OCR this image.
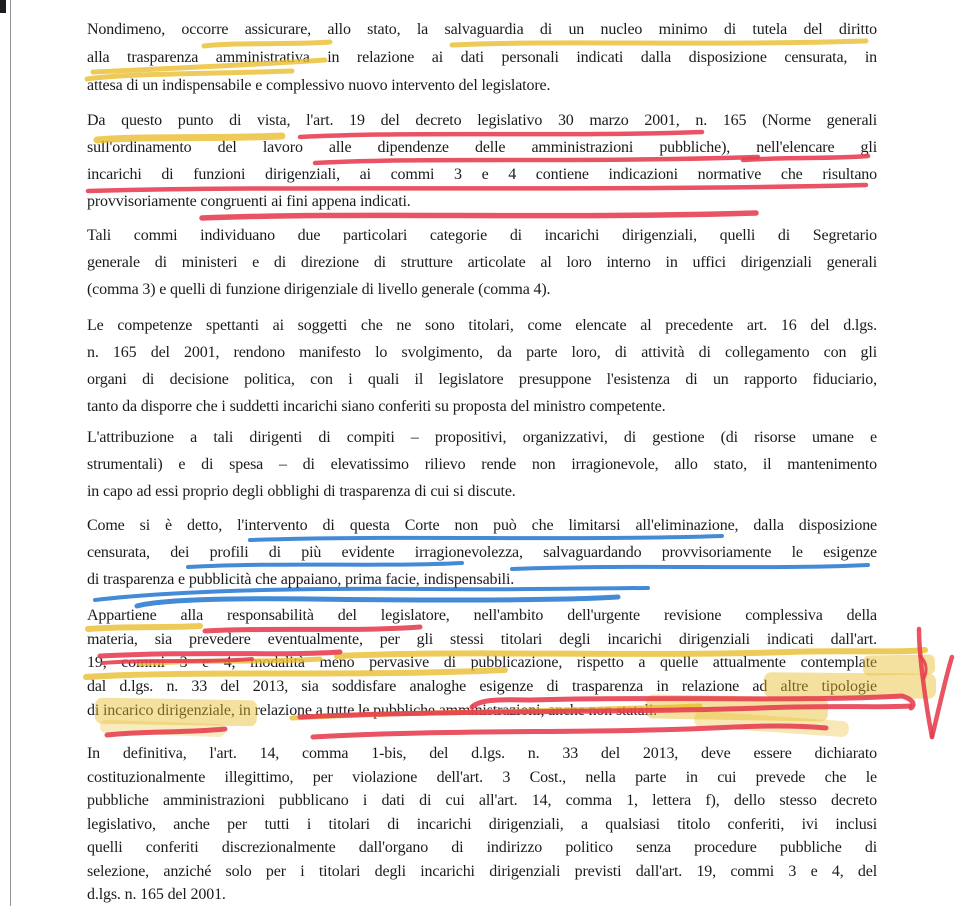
Nondimeno, occorre assicurare, allo stato, la salvaguardia di un nucleo minimo di tutela del diritto
alla trasparenza amministrativa in relazione ai dati personali indicati dalla disposizione censurata, in
attesa di un indispensabile e complessivo nuovo intervento del legislatore.
Da questo punto di vista, l'art. 19 del decreto legislativo 30 marzo 2001, n. 165 (Norme generali
sull'ordinamento del lavoro alle dipendenze delle amministrazioni pubbliche), nell'elencare gli
incarichi di funzioni dirigenziali, ai commi 3 e 4 contiene indicazioni normative che risultano
provvisoriamente congruenti ai fini appena indicati.
Tali commi individuano due particolari categorie di incarichi dirigenziali, quelli di Segretario
generale di ministeri e di direzione di strutture articolate al loro interno in uffici dirigenziali generali
(comma 3) e quelli di funzione dirigenziale di livello generale (comma 4).
Le competenze spettanti ai soggetti che ne sono titolari, come elencate al precedente art. 16 del d.lgs.
n. 165 del 2001, rendono manifesto lo svolgimento, da parte loro, di attività di collegamento con gli
organi di decisione politica, con i quali il legislatore presuppone l'esistenza di un rapporto fiduciario,
tanto da disporre che i suddetti incarichi siano conferiti su proposta del ministro competente.
L'attribuzione a tali dirigenti di compiti – propositivi, organizzativi, di gestione (di risorse umane e
strumentali) e di spesa – di elevatissimo rilievo rende non irragionevole, allo stato, il mantenimento
in capo ad essi proprio degli obblighi di trasparenza di cui si discute.
Come si è detto, l'intervento di questa Corte non può che limitarsi all'eliminazione, dalla disposizione
censurata, dei profili di più evidente irragionevolezza, salvaguardando provvisoriamente le esigenze
di trasparenza e pubblicità che appaiano, prima facie, indispensabili.
Appartiene alla responsabilità del legislatore, nell'ambito dell'urgente revisione complessiva della
materia, sia prevedere eventualmente, per gli stessi titolari degli incarichi dirigenziali indicati dall'art.
19, commi 3 e 4, modalità meno pervasive di pubblicazione, rispetto a quelle attualmente contemplate
dal d.lgs. n. 33 del 2013, sia soddisfare analoghe esigenze di trasparenza in relazione ad altre tipologie
di incarico dirigenziale, in relazione a tutte le pubbliche amministrazioni, anche non statali.
In definitiva, l'art. 14, comma 1-bis, del d.lgs. n. 33 del 2013, deve essere dichiarato
costituzionalmente illegittimo, per violazione dell'art. 3 Cost., nella parte in cui prevede che le
pubbliche amministrazioni pubblicano i dati di cui all'art. 14, comma 1, lettera f), dello stesso decreto
legislativo, anche per tutti i titolari di incarichi dirigenziali, a qualsiasi titolo conferiti, ivi inclusi
quelli conferiti discrezionalmente dall'organo di indirizzo politico senza procedure pubbliche di
selezione, anziché solo per i titolari degli incarichi dirigenziali previsti dall'art. 19, commi 3 e 4, del
d.lgs. n. 165 del 2001.
